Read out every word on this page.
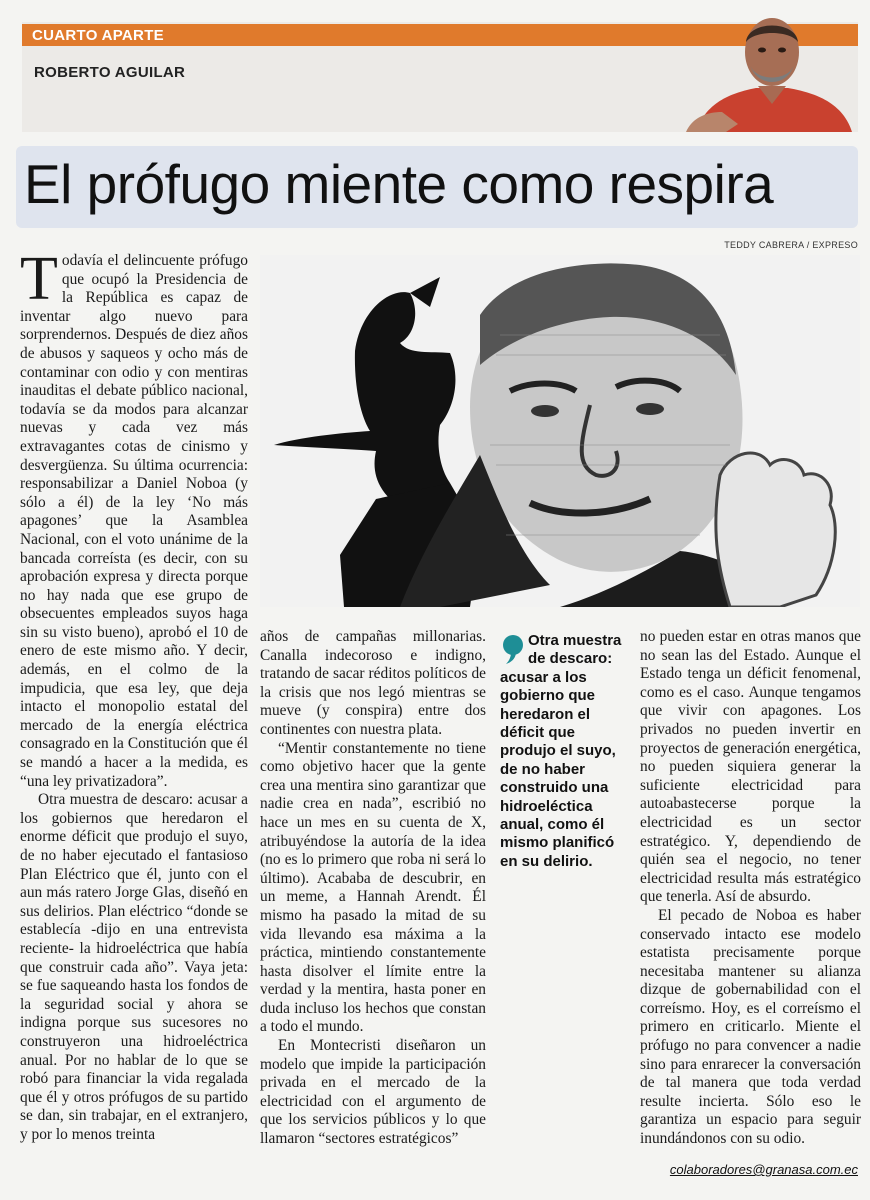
CUARTO APARTE
ROBERTO AGUILAR
El prófugo miente como respira
TEDDY CABRERA / EXPRESO

T odavía el delincuente prófugo que ocupó la Presidencia de la República es capaz de inventar algo nuevo para sorprendernos. Después de diez años de abusos y saqueos y ocho más de contaminar con odio y con mentiras inauditas el debate público nacional, todavía se da modos para alcanzar nuevas y cada vez más extravagantes cotas de cinismo y desvergüenza. Su última ocurrencia: responsabilizar a Daniel Noboa (y sólo a él) de la ley ‘No más apagones’ que la Asamblea Nacional, con el voto unánime de la bancada correísta (es decir, con su aprobación expresa y directa porque no hay nada que ese grupo de obsecuentes empleados suyos haga sin su visto bueno), aprobó el 10 de enero de este mismo año. Y decir, además, en el colmo de la impudicia, que esa ley, que deja intacto el monopolio estatal del mercado de la energía eléctrica consagrado en la Constitución que él se mandó a hacer a la medida, es “una ley privatizadora”.

Otra muestra de descaro: acusar a los gobiernos que heredaron el enorme déficit que produjo el suyo, de no haber ejecutado el fantasioso Plan Eléctrico que él, junto con el aun más ratero Jorge Glas, diseñó en sus delirios. Plan eléctrico “donde se establecía -dijo en una entrevista reciente- la hidroeléctrica que había que construir cada año”. Vaya jeta: se fue saqueando hasta los fondos de la seguridad social y ahora se indigna porque sus sucesores no construyeron una hidroeléctrica anual. Por no hablar de lo que se robó para financiar la vida regalada que él y otros prófugos de su partido se dan, sin trabajar, en el extranjero, y por lo menos treinta

años de campañas millonarias. Canalla indecoroso e indigno, tratando de sacar réditos políticos de la crisis que nos legó mientras se mueve (y conspira) entre dos continentes con nuestra plata.

“Mentir constantemente no tiene como objetivo hacer que la gente crea una mentira sino garantizar que nadie crea en nada”, escribió no hace un mes en su cuenta de X, atribuyéndose la autoría de la idea (no es lo primero que roba ni será lo último). Acababa de descubrir, en un meme, a Hannah Arendt. Él mismo ha pasado la mitad de su vida llevando esa máxima a la práctica, mintiendo constantemente hasta disolver el límite entre la verdad y la mentira, hasta poner en duda incluso los hechos que constan a todo el mundo.

En Montecristi diseñaron un modelo que impide la participación privada en el mercado de la electricidad con el argumento de que los servicios públicos y lo que llamaron “sectores estratégicos”

Otra muestra de descaro:
acusar a los gobierno que heredaron el déficit que produjo el suyo, de no haber construido una hidroeléctica anual, como él mismo planificó en su delirio.

no pueden estar en otras manos que no sean las del Estado. Aunque el Estado tenga un déficit fenomenal, como es el caso. Aunque tengamos que vivir con apagones. Los privados no pueden invertir en proyectos de generación energética, no pueden siquiera generar la suficiente electricidad para autoabastecerse porque la electricidad es un sector estratégico. Y, dependiendo de quién sea el negocio, no tener electricidad resulta más estratégico que tenerla. Así de absurdo.

El pecado de Noboa es haber conservado intacto ese modelo estatista precisamente porque necesitaba mantener su alianza dizque de gobernabilidad con el correísmo. Hoy, es el correísmo el primero en criticarlo. Miente el prófugo no para convencer a nadie sino para enrarecer la conversación de tal manera que toda verdad resulte incierta. Sólo eso le garantiza un espacio para seguir inundándonos con su odio.

colaboradores@granasa.com.ec
